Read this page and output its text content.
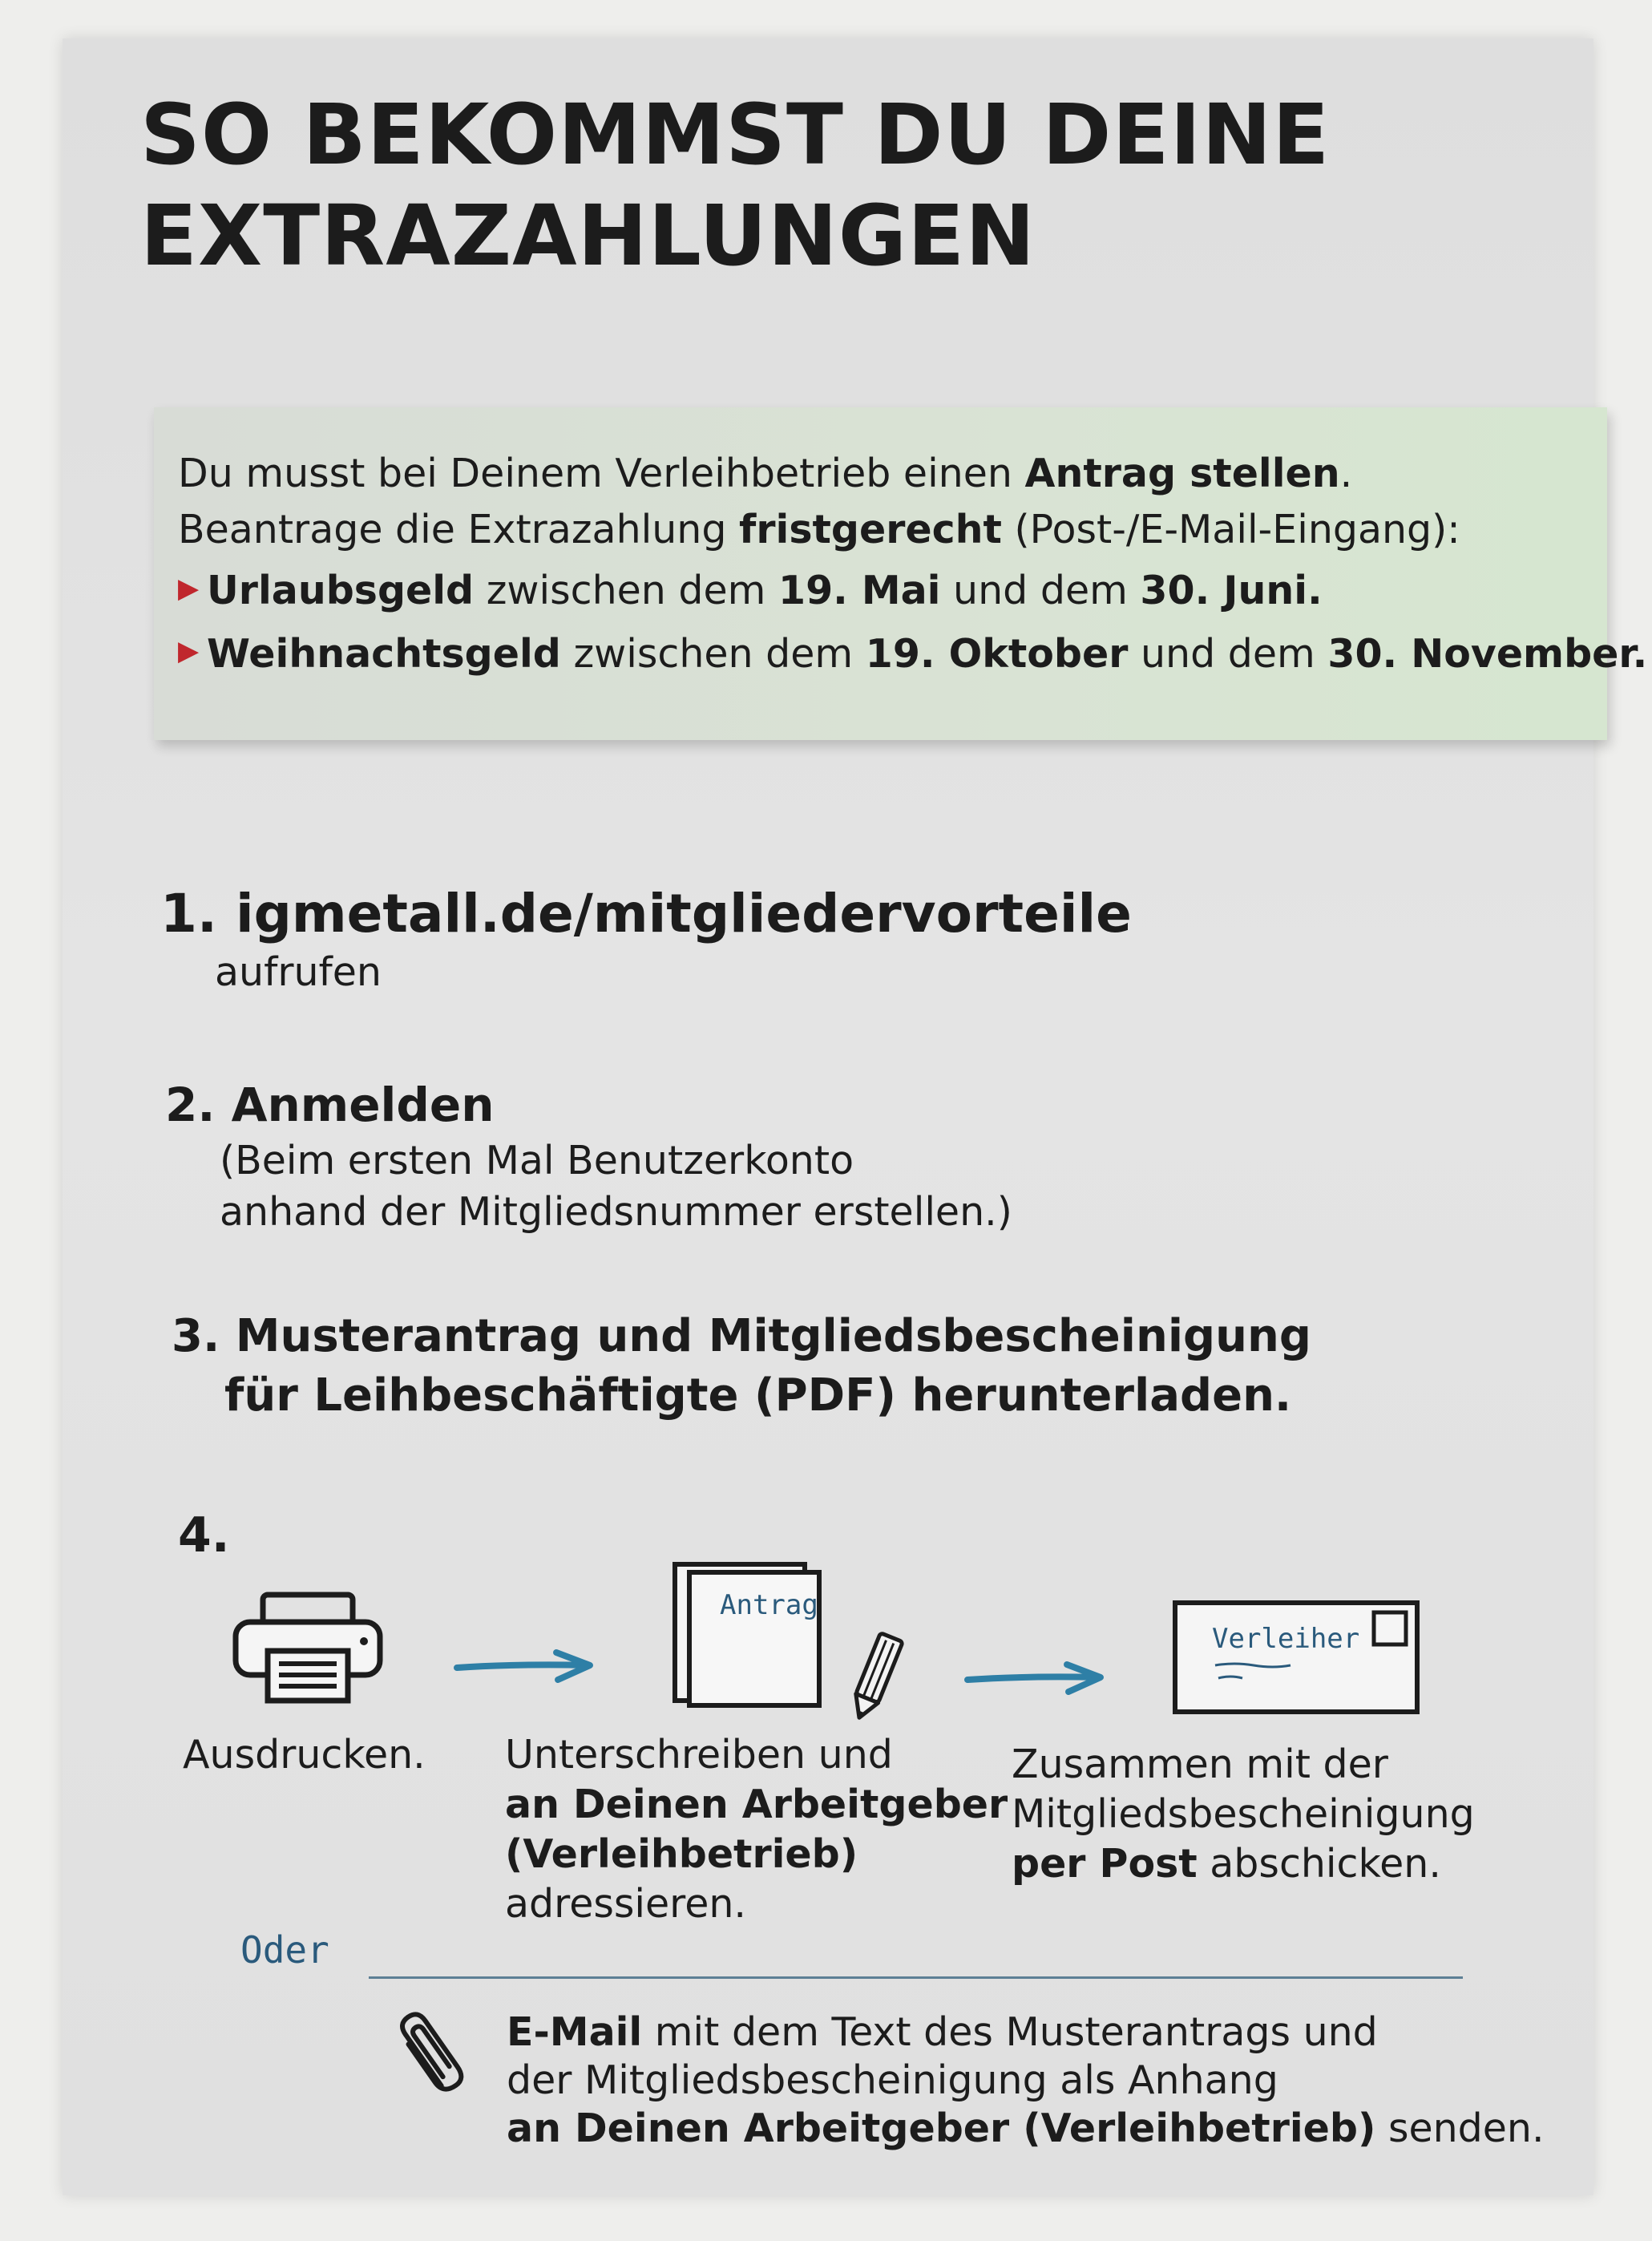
SO BEKOMMST DU DEINE
EXTRAZAHLUNGEN

Du musst bei Deinem Verleihbetrieb einen Antrag stellen.

Beantrage die Extrazahlung fristgerecht (Post-/E-Mail-Eingang):

▶ Urlaubsgeld zwischen dem 19. Mai und dem 30. Juni.

▶ Weihnachtsgeld zwischen dem 19. Oktober und dem 30. November.

1. igmetall.de/mitgliedervorteile
aufrufen
2. Anmelden
(Beim ersten Mal Benutzerkonto
anhand der Mitgliedsnummer erstellen.)
3. Musterantrag und Mitgliedsbescheinigung
für Leihbeschäftigte (PDF) herunterladen.
4.
Antrag
Verleiher
Ausdrucken. Unterschreiben und
an Deinen Arbeitgeber
(Verleihbetrieb)
adressieren.
Zusammen mit der
Mitgliedsbescheinigung
per Post abschicken.
Oder
E-Mail mit dem Text des Musterantrags und
der Mitgliedsbescheinigung als Anhang
an Deinen Arbeitgeber (Verleihbetrieb) senden.
